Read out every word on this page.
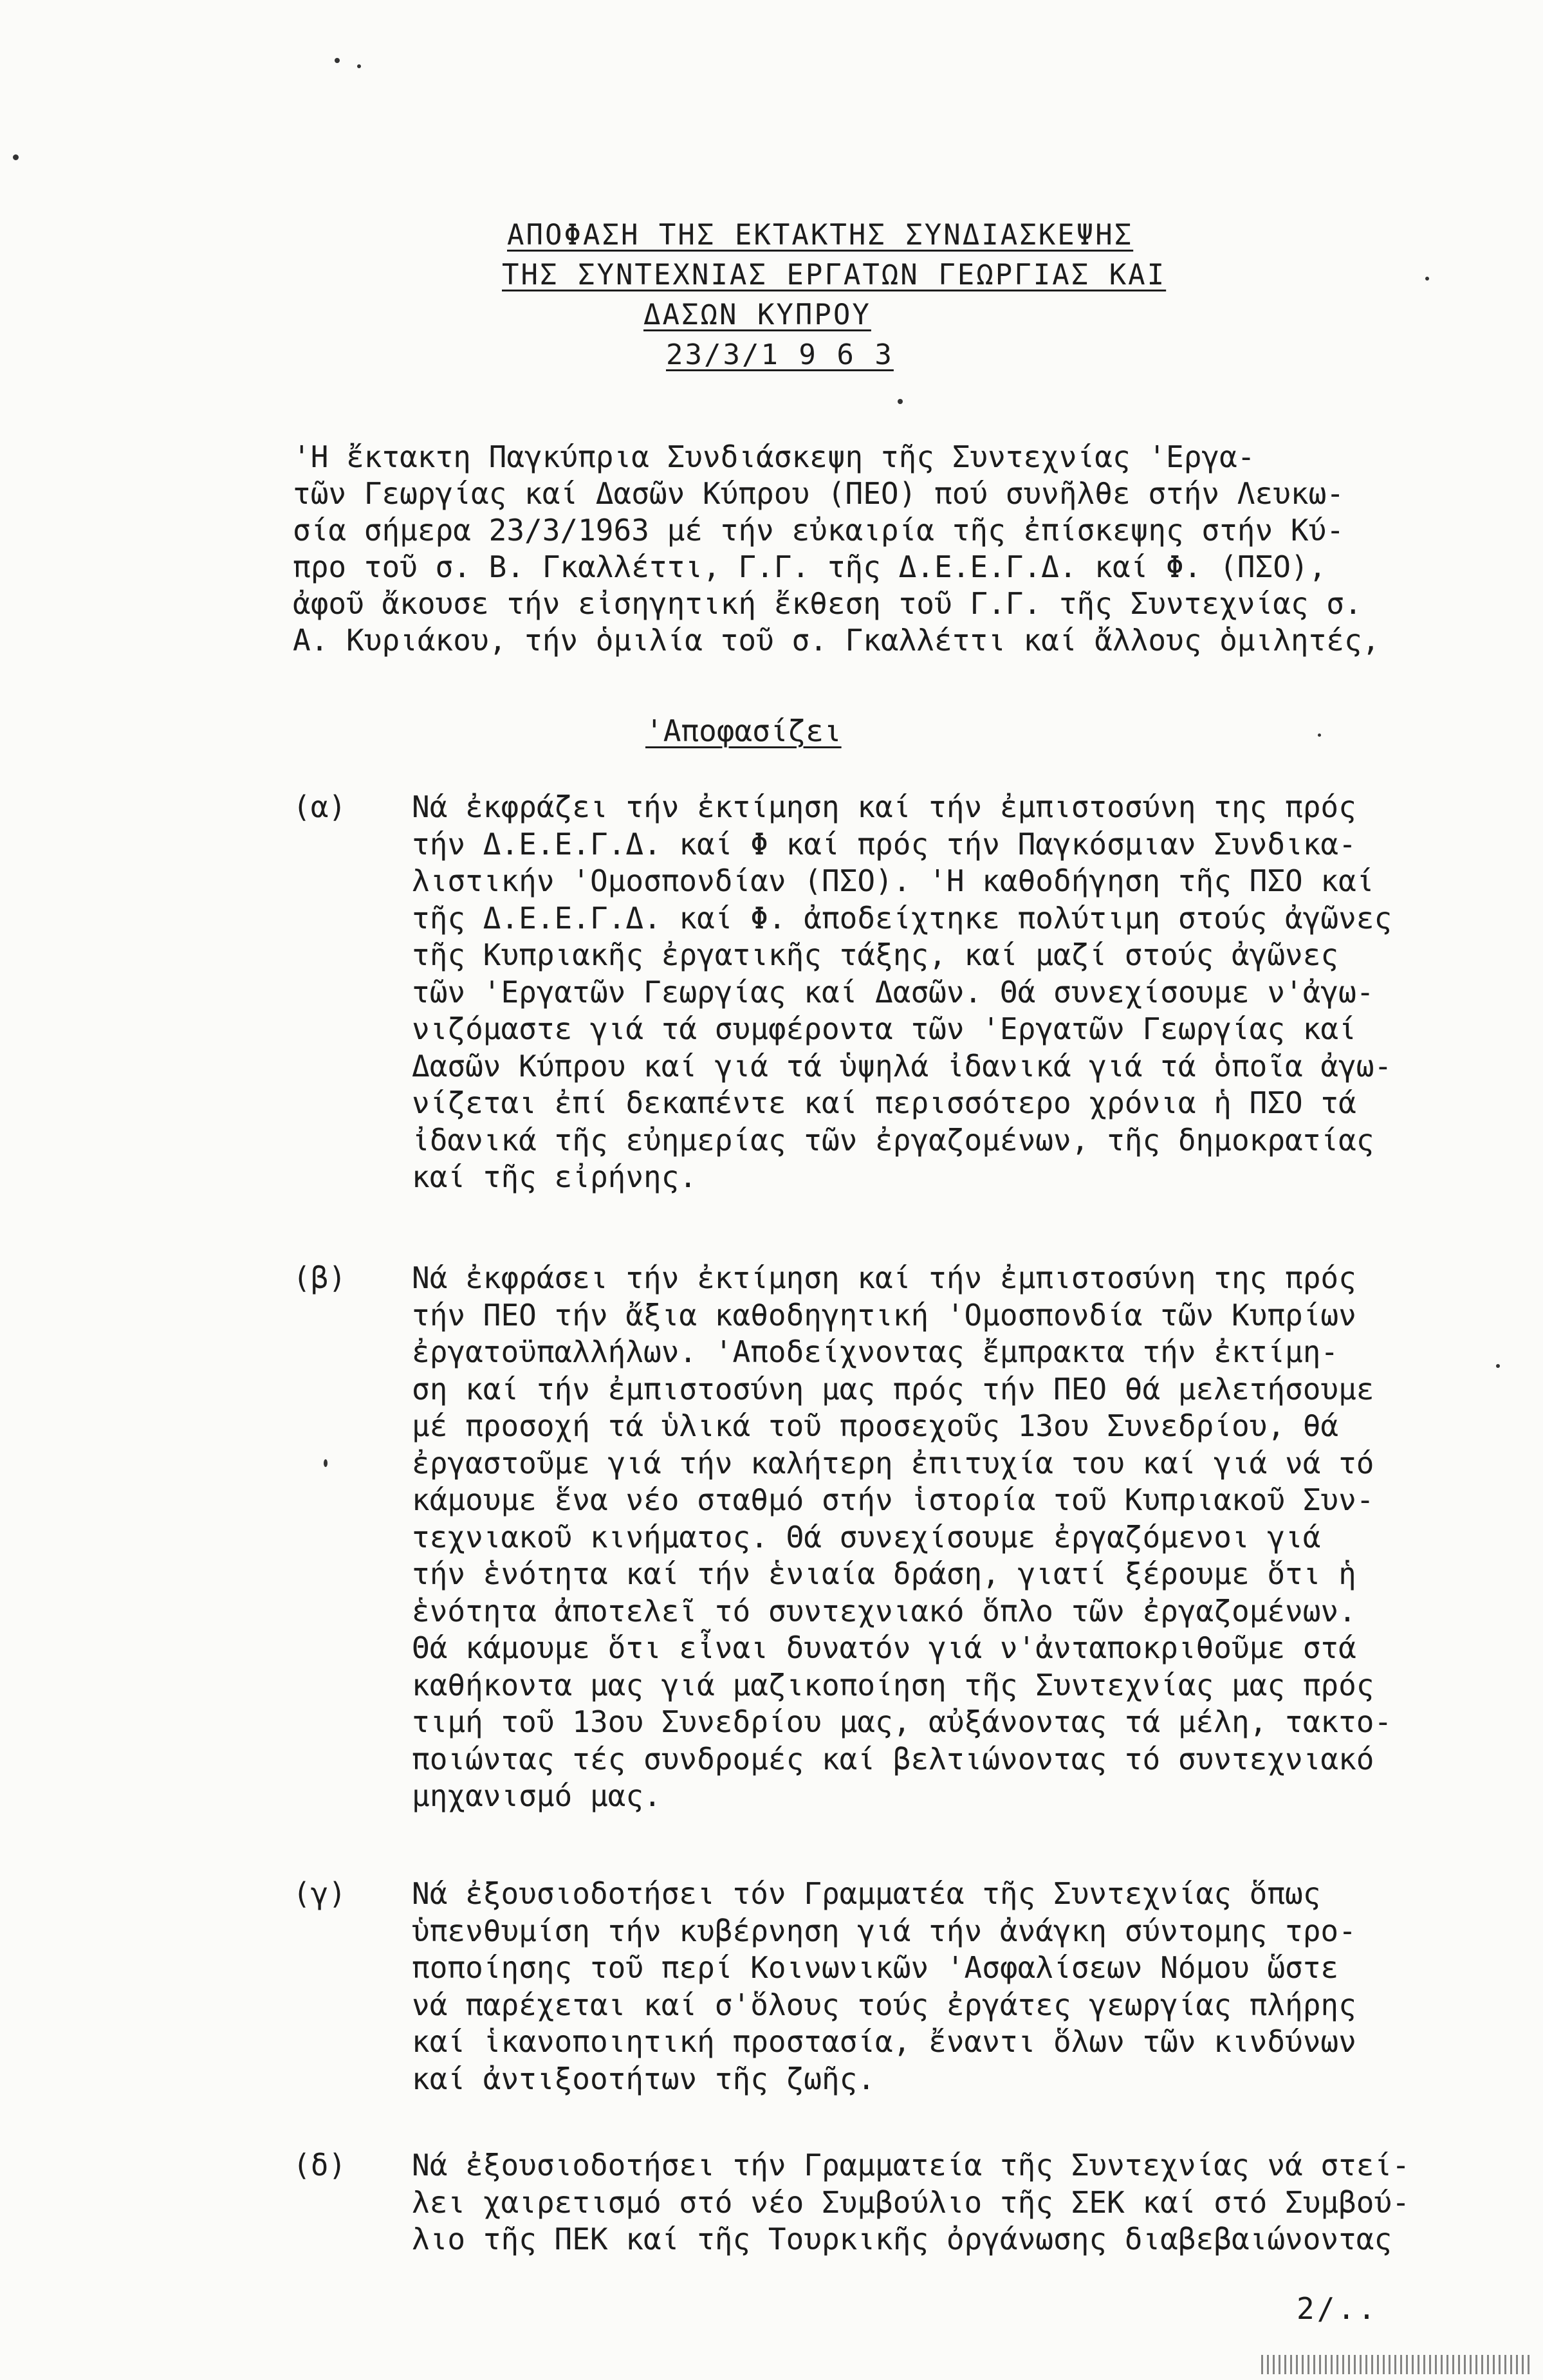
ΑΠΟΦΑΣΗ ΤΗΣ ΕΚΤΑΚΤΗΣ ΣΥΝΔΙΑΣΚΕΨΗΣ
ΤΗΣ ΣΥΝΤΕΧΝΙΑΣ ΕΡΓΑΤΩΝ ΓΕΩΡΓΙΑΣ ΚΑΙ
ΔΑΣΩΝ ΚΥΠΡΟΥ
23/3/1 9 6 3
'Η ἔκτακτη Παγκύπρια Συνδιάσκεψη τῆς Συντεχνίας 'Εργα-
τῶν Γεωργίας καί Δασῶν Κύπρου (ΠΕΟ) πού συνῆλθε στήν Λευκω-
σία σήμερα 23/3/1963 μέ τήν εὐκαιρία τῆς ἐπίσκεψης στήν Κύ-
προ τοῦ σ. Β. Γκαλλέττι, Γ.Γ. τῆς Δ.Ε.Ε.Γ.Δ. καί Φ. (ΠΣΟ),
ἀφοῦ ἄκουσε τήν εἰσηγητική ἔκθεση τοῦ Γ.Γ. τῆς Συντεχνίας σ.
Α. Κυριάκου, τήν ὁμιλία τοῦ σ. Γκαλλέττι καί ἄλλους ὁμιλητές,
'Αποφασίζει
(α) Νά ἐκφράζει τήν ἐκτίμηση καί τήν ἐμπιστοσύνη της πρός
τήν Δ.Ε.Ε.Γ.Δ. καί Φ καί πρός τήν Παγκόσμιαν Συνδικα-
λιστικήν 'Ομοσπονδίαν (ΠΣΟ). 'Η καθοδήγηση τῆς ΠΣΟ καί
τῆς Δ.Ε.Ε.Γ.Δ. καί Φ. ἀποδείχτηκε πολύτιμη στούς ἀγῶνες
τῆς Κυπριακῆς ἐργατικῆς τάξης, καί μαζί στούς ἀγῶνες
τῶν 'Εργατῶν Γεωργίας καί Δασῶν. Θά συνεχίσουμε ν'ἀγω-
νιζόμαστε γιά τά συμφέροντα τῶν 'Εργατῶν Γεωργίας καί
Δασῶν Κύπρου καί γιά τά ὑψηλά ἰδανικά γιά τά ὁποῖα ἀγω-
νίζεται ἐπί δεκαπέντε καί περισσότερο χρόνια ἡ ΠΣΟ τά
ἰδανικά τῆς εὐημερίας τῶν ἐργαζομένων, τῆς δημοκρατίας
καί τῆς εἰρήνης.
(β) Νά ἐκφράσει τήν ἐκτίμηση καί τήν ἐμπιστοσύνη της πρός
τήν ΠΕΟ τήν ἄξια καθοδηγητική 'Ομοσπονδία τῶν Κυπρίων
ἐργατοϋπαλλήλων. 'Αποδείχνοντας ἔμπρακτα τήν ἐκτίμη-
ση καί τήν ἐμπιστοσύνη μας πρός τήν ΠΕΟ θά μελετήσουμε
μέ προσοχή τά ὑλικά τοῦ προσεχοῦς 13ου Συνεδρίου, θά
ἐργαστοῦμε γιά τήν καλήτερη ἐπιτυχία του καί γιά νά τό
κάμουμε ἕνα νέο σταθμό στήν ἱστορία τοῦ Κυπριακοῦ Συν-
τεχνιακοῦ κινήματος. Θά συνεχίσουμε ἐργαζόμενοι γιά
τήν ἑνότητα καί τήν ἑνιαία δράση, γιατί ξέρουμε ὅτι ἡ
ἑνότητα ἀποτελεῖ τό συντεχνιακό ὅπλο τῶν ἐργαζομένων.
Θά κάμουμε ὅτι εἶναι δυνατόν γιά ν'ἀνταποκριθοῦμε στά
καθήκοντα μας γιά μαζικοποίηση τῆς Συντεχνίας μας πρός
τιμή τοῦ 13ου Συνεδρίου μας, αὐξάνοντας τά μέλη, τακτο-
ποιώντας τές συνδρομές καί βελτιώνοντας τό συντεχνιακό
μηχανισμό μας.
(γ) Νά ἐξουσιοδοτήσει τόν Γραμματέα τῆς Συντεχνίας ὅπως
ὑπενθυμίση τήν κυβέρνηση γιά τήν ἀνάγκη σύντομης τρο-
ποποίησης τοῦ περί Κοινωνικῶν 'Ασφαλίσεων Νόμου ὥστε
νά παρέχεται καί σ'ὅλους τούς ἐργάτες γεωργίας πλήρης
καί ἱκανοποιητική προστασία, ἔναντι ὅλων τῶν κινδύνων
καί ἀντιξοοτήτων τῆς ζωῆς.
(δ) Νά ἐξουσιοδοτήσει τήν Γραμματεία τῆς Συντεχνίας νά στεί-
λει χαιρετισμό στό νέο Συμβούλιο τῆς ΣΕΚ καί στό Συμβού-
λιο τῆς ΠΕΚ καί τῆς Τουρκικῆς ὀργάνωσης διαβεβαιώνοντας
2/..
